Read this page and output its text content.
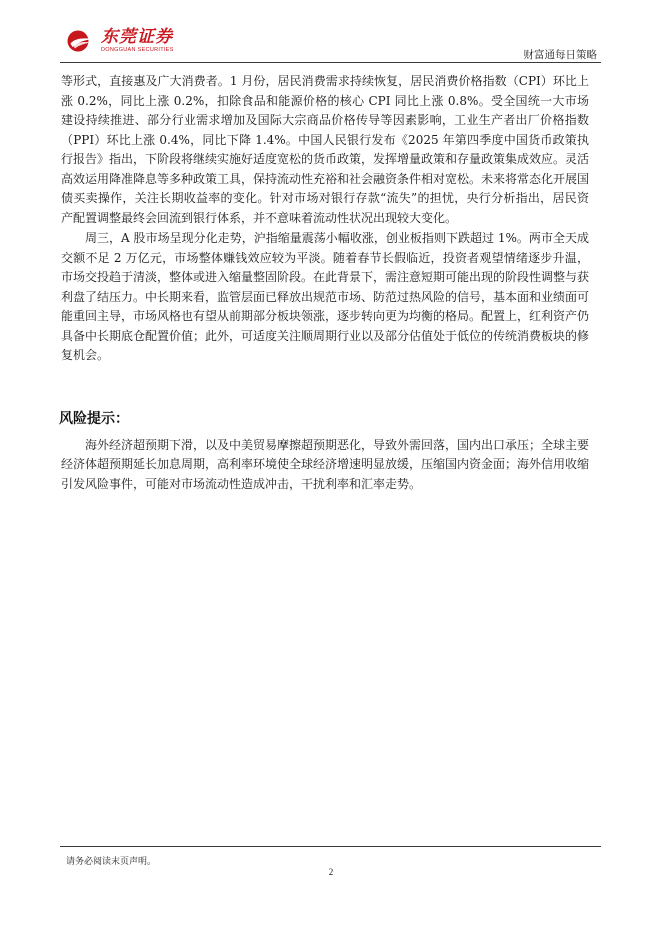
东莞证券
DONGGUAN SECURITIES	财富通每日策略

等形式，直接惠及广大消费者。1 月份，居民消费需求持续恢复，居民消费价格指数（CPI）环比上涨 0.2%，同比上涨 0.2%，扣除食品和能源价格的核心 CPI 同比上涨 0.8%。受全国统一大市场建设持续推进、部分行业需求增加及国际大宗商品价格传导等因素影响，工业生产者出厂价格指数（PPI）环比上涨 0.4%，同比下降 1.4%。中国人民银行发布《2025 年第四季度中国货币政策执行报告》指出，下阶段将继续实施好适度宽松的货币政策，发挥增量政策和存量政策集成效应。灵活高效运用降准降息等多种政策工具，保持流动性充裕和社会融资条件相对宽松。未来将常态化开展国债买卖操作，关注长期收益率的变化。针对市场对银行存款“流失”的担忧，央行分析指出，居民资产配置调整最终会回流到银行体系，并不意味着流动性状况出现较大变化。

周三，A 股市场呈现分化走势，沪指缩量震荡小幅收涨，创业板指则下跌超过 1%。两市全天成交额不足 2 万亿元，市场整体赚钱效应较为平淡。随着春节长假临近，投资者观望情绪逐步升温，市场交投趋于清淡，整体或进入缩量整固阶段。在此背景下，需注意短期可能出现的阶段性调整与获利盘了结压力。中长期来看，监管层面已释放出规范市场、防范过热风险的信号，基本面和业绩面可能重回主导，市场风格也有望从前期部分板块领涨，逐步转向更为均衡的格局。配置上，红利资产仍具备中长期底仓配置价值；此外，可适度关注顺周期行业以及部分估值处于低位的传统消费板块的修复机会。

风险提示：

海外经济超预期下滑，以及中美贸易摩擦超预期恶化，导致外需回落，国内出口承压；全球主要经济体超预期延长加息周期，高利率环境使全球经济增速明显放缓，压缩国内资金面；海外信用收缩引发风险事件，可能对市场流动性造成冲击，干扰利率和汇率走势。

请务必阅读末页声明。
2
